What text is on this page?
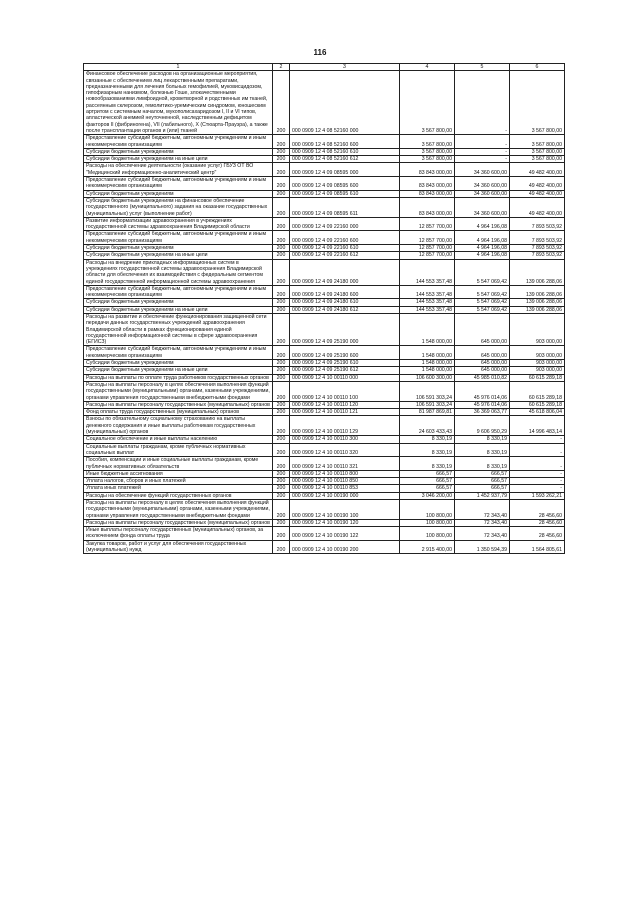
116
1	2	3	4	5	6
Финансовое обеспечение расходов на организационные мероприятия, связанные с обеспечением лиц лекарственными препаратами, предназначенными для лечения больных гемофилией, муковисцидозом, гипофизарным нанизмом, болезнью Гоше, злокачественными новообразованиями лимфоидной, кроветворной и родственных им тканей, рассеянным склерозом, гемолитико-уремическим синдромом, юношеским артритом с системным началом, мукополисахаридозом I, II и VI типов, апластической анемией неуточненной, наследственным дефицитом факторов II (фибриногена), VII (лабильного), X (Стюарта-Прауэра), а также после трансплантации органов и (или) тканей	200	000 0909 12 4 08 52160 000	3 567 800,00	-	3 567 800,00
Предоставление субсидий бюджетным, автономным учреждениям и иным некоммерческим организациям	200	000 0909 12 4 08 52160 600	3 567 800,00	-	3 567 800,00
Субсидии бюджетным учреждениям	200	000 0909 12 4 08 52160 610	3 567 800,00	-	3 567 800,00
Субсидии бюджетным учреждениям на иные цели	200	000 0909 12 4 08 52160 612	3 567 800,00	-	3 567 800,00
Расходы на обеспечение деятельности (оказание услуг) ГБУЗ ОТ ВО "Медицинский информационно-аналитический центр"	200	000 0909 12 4 09 08595 000	83 843 000,00	34 360 600,00	49 482 400,00
Предоставление субсидий бюджетным, автономным учреждениям и иным некоммерческим организациям	200	000 0909 12 4 09 08595 600	83 843 000,00	34 360 600,00	49 482 400,00
Субсидии бюджетным учреждениям	200	000 0909 12 4 09 08595 610	83 843 000,00	34 360 600,00	49 482 400,00
Субсидии бюджетным учреждениям на финансовое обеспечение государственного (муниципального) задания на оказание государственных (муниципальных) услуг (выполнение работ)	200	000 0909 12 4 09 08595 611	83 843 000,00	34 360 600,00	49 482 400,00
Развитие информатизации здравоохранения в учреждениях государственной системы здравоохранения Владимирской области	200	000 0909 12 4 09 22160 000	12 857 700,00	4 964 196,08	7 893 503,92
Предоставление субсидий бюджетным, автономным учреждениям и иным некоммерческим организациям	200	000 0909 12 4 09 22160 600	12 857 700,00	4 964 196,08	7 893 503,92
Субсидии бюджетным учреждениям	200	000 0909 12 4 09 22160 610	12 857 700,00	4 964 196,08	7 893 503,92
Субсидии бюджетным учреждениям на иные цели	200	000 0909 12 4 09 22160 612	12 857 700,00	4 964 196,08	7 893 503,92
Расходы на внедрение прикладных информационных систем в учреждениях государственной системы здравоохранения Владимирской области для обеспечения их взаимодействия с федеральным сегментом единой государственной информационной системы здравоохранения	200	000 0909 12 4 09 24180 000	144 553 357,48	5 547 069,42	139 006 288,06
Предоставление субсидий бюджетным, автономным учреждениям и иным некоммерческим организациям	200	000 0909 12 4 09 24180 600	144 553 357,48	5 547 069,42	139 006 288,06
Субсидии бюджетным учреждениям	200	000 0909 12 4 09 24180 610	144 553 357,48	5 547 069,42	139 006 288,06
Субсидии бюджетным учреждениям на иные цели	200	000 0909 12 4 09 24180 612	144 553 357,48	5 547 069,42	139 006 288,06
Расходы на развитие и обеспечение функционирования защищенной сети передачи данных государственных учреждений здравоохранения Владимирской области в рамках функционирования единой государственной информационной системы в сфере здравоохранения (ЕГИСЗ)	200	000 0909 12 4 09 25190 000	1 548 000,00	645 000,00	903 000,00
Предоставление субсидий бюджетным, автономным учреждениям и иным некоммерческим организациям	200	000 0909 12 4 09 25190 600	1 548 000,00	645 000,00	903 000,00
Субсидии бюджетным учреждениям	200	000 0909 12 4 09 25190 610	1 548 000,00	645 000,00	903 000,00
Субсидии бюджетным учреждениям на иные цели	200	000 0909 12 4 09 25190 612	1 548 000,00	645 000,00	903 000,00
Расходы на выплаты по оплате труда работников государственных органов	200	000 0909 12 4 10 00110 000	106 600 300,00	45 985 010,82	60 615 289,18
Расходы на выплаты персоналу в целях обеспечения выполнения функций государственными (муниципальными) органами, казенными учреждениями, органами управления государственными внебюджетными фондами	200	000 0909 12 4 10 00110 100	106 591 303,24	45 976 014,06	60 615 289,18
Расходы на выплаты персоналу государственных (муниципальных) органов	200	000 0909 12 4 10 00110 120	106 591 303,24	45 976 014,06	60 615 289,18
Фонд оплаты труда государственных (муниципальных) органов	200	000 0909 12 4 10 00110 121	81 987 869,81	36 369 063,77	45 618 806,04
Взносы по обязательному социальному страхованию на выплаты денежного содержания и иные выплаты работникам государственных (муниципальных) органов	200	000 0909 12 4 10 00110 129	24 603 433,43	9 606 950,29	14 996 483,14
Социальное обеспечение и иные выплаты населению	200	000 0909 12 4 10 00110 300	8 330,19	8 330,19	-
Социальные выплаты гражданам, кроме публичных нормативных социальных выплат	200	000 0909 12 4 10 00110 320	8 330,19	8 330,19	-
Пособия, компенсации и иные социальные выплаты гражданам, кроме публичных нормативных обязательств	200	000 0909 12 4 10 00110 321	8 330,19	8 330,19	-
Иные бюджетные ассигнования	200	000 0909 12 4 10 00110 800	666,57	666,57	-
Уплата налогов, сборов и иных платежей	200	000 0909 12 4 10 00110 850	666,57	666,57	-
Уплата иных платежей	200	000 0909 12 4 10 00110 853	666,57	666,57	-
Расходы на обеспечение функций государственных органов	200	000 0909 12 4 10 00190 000	3 046 200,00	1 452 937,79	1 593 262,21
Расходы на выплаты персоналу в целях обеспечения выполнения функций государственными (муниципальными) органами, казенными учреждениями, органами управления государственными внебюджетными фондами	200	000 0909 12 4 10 00190 100	100 800,00	72 343,40	28 456,60
Расходы на выплаты персоналу государственных (муниципальных) органов	200	000 0909 12 4 10 00190 120	100 800,00	72 343,40	28 456,60
Иные выплаты персоналу государственных (муниципальных) органов, за исключением фонда оплаты труда	200	000 0909 12 4 10 00190 122	100 800,00	72 343,40	28 456,60
Закупка товаров, работ и услуг для обеспечения государственных (муниципальных) нужд	200	000 0909 12 4 10 00190 200	2 915 400,00	1 350 594,39	1 564 805,61
